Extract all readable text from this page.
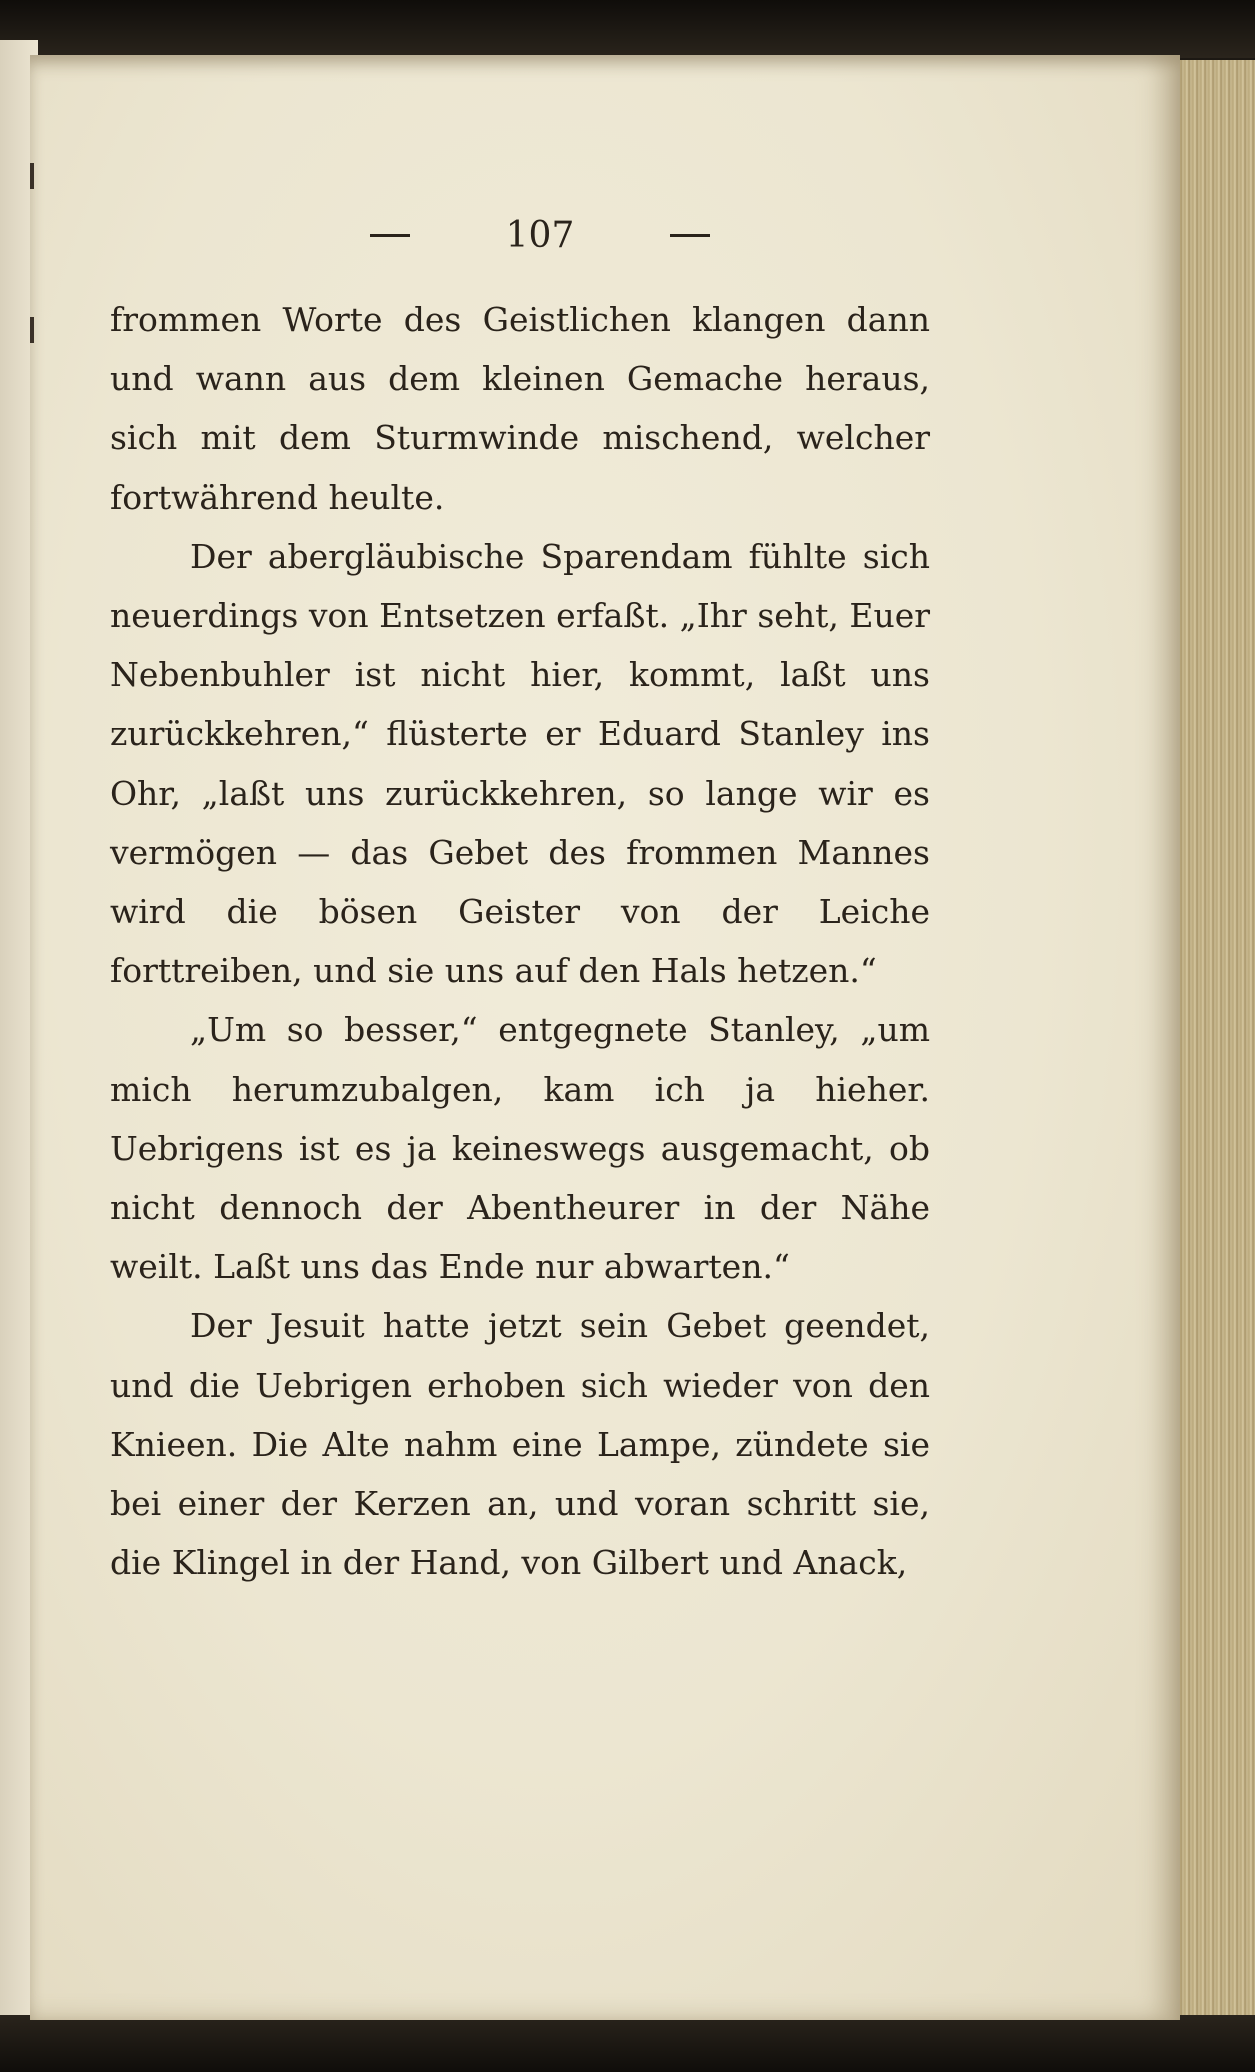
107

frommen Worte des Geistlichen klangen dann und wann aus dem kleinen Gemache heraus, sich mit dem Sturmwinde mischend, welcher fortwährend heulte.

Der abergläubische Sparendam fühlte sich neuerdings von Entsetzen erfaßt. „Ihr seht, Euer Nebenbuhler ist nicht hier, kommt, laßt uns zurückkehren,“ flüsterte er Eduard Stanley ins Ohr, „laßt uns zurückkehren, so lange wir es vermögen — das Gebet des frommen Mannes wird die bösen Geister von der Leiche forttreiben, und sie uns auf den Hals hetzen.“

„Um so besser,“ entgegnete Stanley, „um mich herumzubalgen, kam ich ja hieher. Uebrigens ist es ja keineswegs ausgemacht, ob nicht dennoch der Abentheurer in der Nähe weilt. Laßt uns das Ende nur abwarten.“

Der Jesuit hatte jetzt sein Gebet geendet, und die Uebrigen erhoben sich wieder von den Knieen. Die Alte nahm eine Lampe, zündete sie bei einer der Kerzen an, und voran schritt sie, die Klingel in der Hand, von Gilbert und Anack,
